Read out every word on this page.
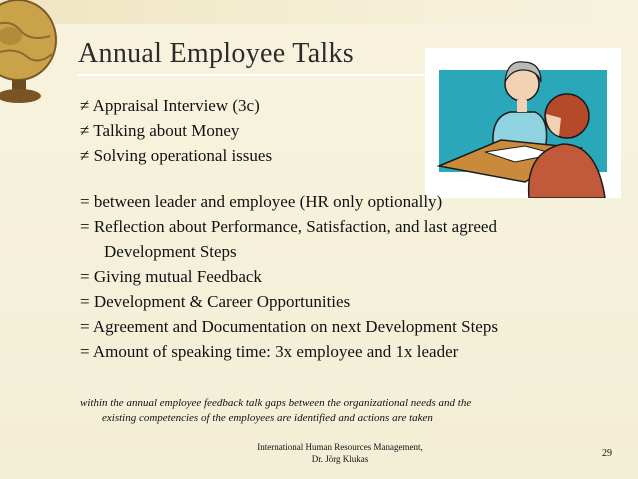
Annual Employee Talks
≠ Appraisal Interview (3c)
≠ Talking about Money
≠ Solving operational issues
= between leader and employee (HR only optionally)
= Reflection about Performance, Satisfaction, and last agreed
Development Steps
= Giving mutual Feedback
= Development & Career Opportunities
= Agreement and Documentation on next Development Steps
= Amount of speaking time: 3x employee and 1x leader
within the annual employee feedback talk gaps between the organizational needs and the
existing competencies of the employees are identified and actions are taken
International Human Resources Management,
Dr. Jörg Klukas	29
